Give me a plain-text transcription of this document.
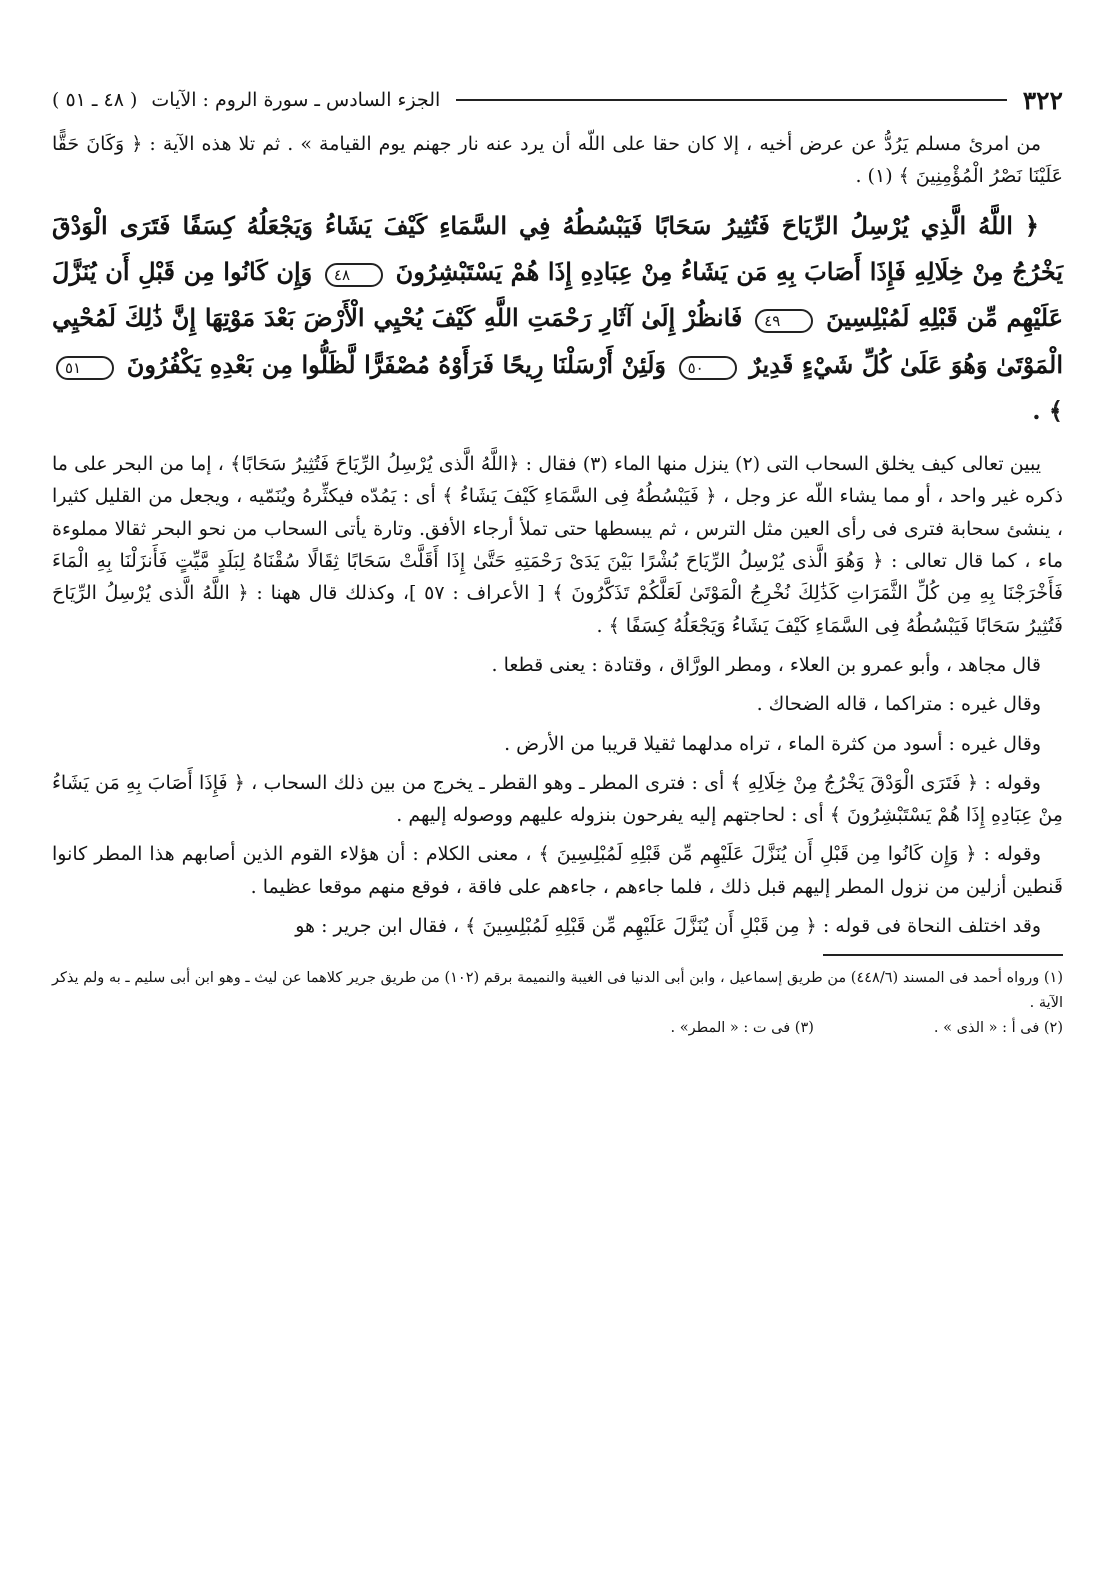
٣٢٢
الجزء السادس ـ سورة الروم : الآيات
( ٤٨ ـ ٥١ )

من امرئ مسلم يَرُدُّ عن عرض أخيه ، إلا كان حقا على اللّه أن يرد عنه نار جهنم يوم القيامة » . ثم تلا هذه الآية : ﴿ وَكَانَ حَقًّا عَلَيْنَا نَصْرُ الْمُؤْمِنِينَ ﴾ (١) .

﴿ اللَّهُ الَّذِي يُرْسِلُ الرِّيَاحَ فَتُثِيرُ سَحَابًا فَيَبْسُطُهُ فِي السَّمَاءِ كَيْفَ يَشَاءُ وَيَجْعَلُهُ كِسَفًا فَتَرَى الْوَدْقَ يَخْرُجُ مِنْ خِلَالِهِ فَإِذَا أَصَابَ بِهِ مَن يَشَاءُ مِنْ عِبَادِهِ إِذَا هُمْ يَسْتَبْشِرُونَ ٤٨ وَإِن كَانُوا مِن قَبْلِ أَن يُنَزَّلَ عَلَيْهِم مِّن قَبْلِهِ لَمُبْلِسِينَ ٤٩ فَانظُرْ إِلَىٰ آثَارِ رَحْمَتِ اللَّهِ كَيْفَ يُحْيِي الْأَرْضَ بَعْدَ مَوْتِهَا إِنَّ ذَٰلِكَ لَمُحْيِي الْمَوْتَىٰ وَهُوَ عَلَىٰ كُلِّ شَيْءٍ قَدِيرٌ ٥٠ وَلَئِنْ أَرْسَلْنَا رِيحًا فَرَأَوْهُ مُصْفَرًّا لَّظَلُّوا مِن بَعْدِهِ يَكْفُرُونَ ٥١ ﴾ .

يبين تعالى كيف يخلق السحاب التى (٢) ينزل منها الماء (٣) فقال : ﴿اللَّهُ الَّذى يُرْسِلُ الرِّيَاحَ فَتُثِيرُ سَحَابًا﴾ ، إما من البحر على ما ذكره غير واحد ، أو مما يشاء اللّه عز وجل ، ﴿ فَيَبْسُطُهُ فِى السَّمَاءِ كَيْفَ يَشَاءُ ﴾ أى : يَمُدّه فيكثِّرهُ ويُنَمّيه ، ويجعل من القليل كثيرا ، ينشئ سحابة فترى فى رأى العين مثل الترس ، ثم يبسطها حتى تملأ أرجاء الأفق. وتارة يأتى السحاب من نحو البحر ثقالا مملوءة ماء ، كما قال تعالى : ﴿ وَهُوَ الَّذى يُرْسِلُ الرِّيَاحَ بُشْرًا بَيْنَ يَدَىْ رَحْمَتِهِ حَتَّىٰ إِذَا أَقَلَّتْ سَحَابًا ثِقَالًا سُقْنَاهُ لِبَلَدٍ مَّيِّتٍ فَأَنزَلْنَا بِهِ الْمَاءَ فَأَخْرَجْنَا بِهِ مِن كُلِّ الثَّمَرَاتِ كَذَٰلِكَ نُخْرِجُ الْمَوْتَىٰ لَعَلَّكُمْ تَذَكَّرُونَ ﴾ [ الأعراف : ٥٧ ]، وكذلك قال ههنا : ﴿ اللَّهُ الَّذى يُرْسِلُ الرِّيَاحَ فَتُثِيرُ سَحَابًا فَيَبْسُطُهُ فِى السَّمَاءِ كَيْفَ يَشَاءُ وَيَجْعَلُهُ كِسَفًا ﴾ .

قال مجاهد ، وأبو عمرو بن العلاء ، ومطر الورَّاق ، وقتادة : يعنى قطعا .

وقال غيره : متراكما ، قاله الضحاك .

وقال غيره : أسود من كثرة الماء ، تراه مدلهما ثقيلا قريبا من الأرض .

وقوله : ﴿ فَتَرَى الْوَدْقَ يَخْرُجُ مِنْ خِلَالِهِ ﴾ أى : فترى المطر ـ وهو القطر ـ يخرج من بين ذلك السحاب ، ﴿ فَإِذَا أَصَابَ بِهِ مَن يَشَاءُ مِنْ عِبَادِهِ إِذَا هُمْ يَسْتَبْشِرُونَ ﴾ أى : لحاجتهم إليه يفرحون بنزوله عليهم ووصوله إليهم .

وقوله : ﴿ وَإِن كَانُوا مِن قَبْلِ أَن يُنَزَّلَ عَلَيْهِم مِّن قَبْلِهِ لَمُبْلِسِينَ ﴾ ، معنى الكلام : أن هؤلاء القوم الذين أصابهم هذا المطر كانوا قَنطين أزلين من نزول المطر إليهم قبل ذلك ، فلما جاءهم ، جاءهم على فاقة ، فوقع منهم موقعا عظيما .

وقد اختلف النحاة فى قوله : ﴿ مِن قَبْلِ أَن يُنَزَّلَ عَلَيْهِم مِّن قَبْلِهِ لَمُبْلِسِينَ ﴾ ، فقال ابن جرير : هو

(١) ورواه أحمد فى المسند (٤٤٨/٦) من طريق إسماعيل ، وابن أبى الدنيا فى الغيبة والنميمة برقم (١٠٢) من طريق جرير كلاهما عن ليث ـ وهو ابن أبى سليم ـ به ولم يذكر الآية .

(٢) فى أ : « الذى » .
(٣) فى ت : « المطر» .
